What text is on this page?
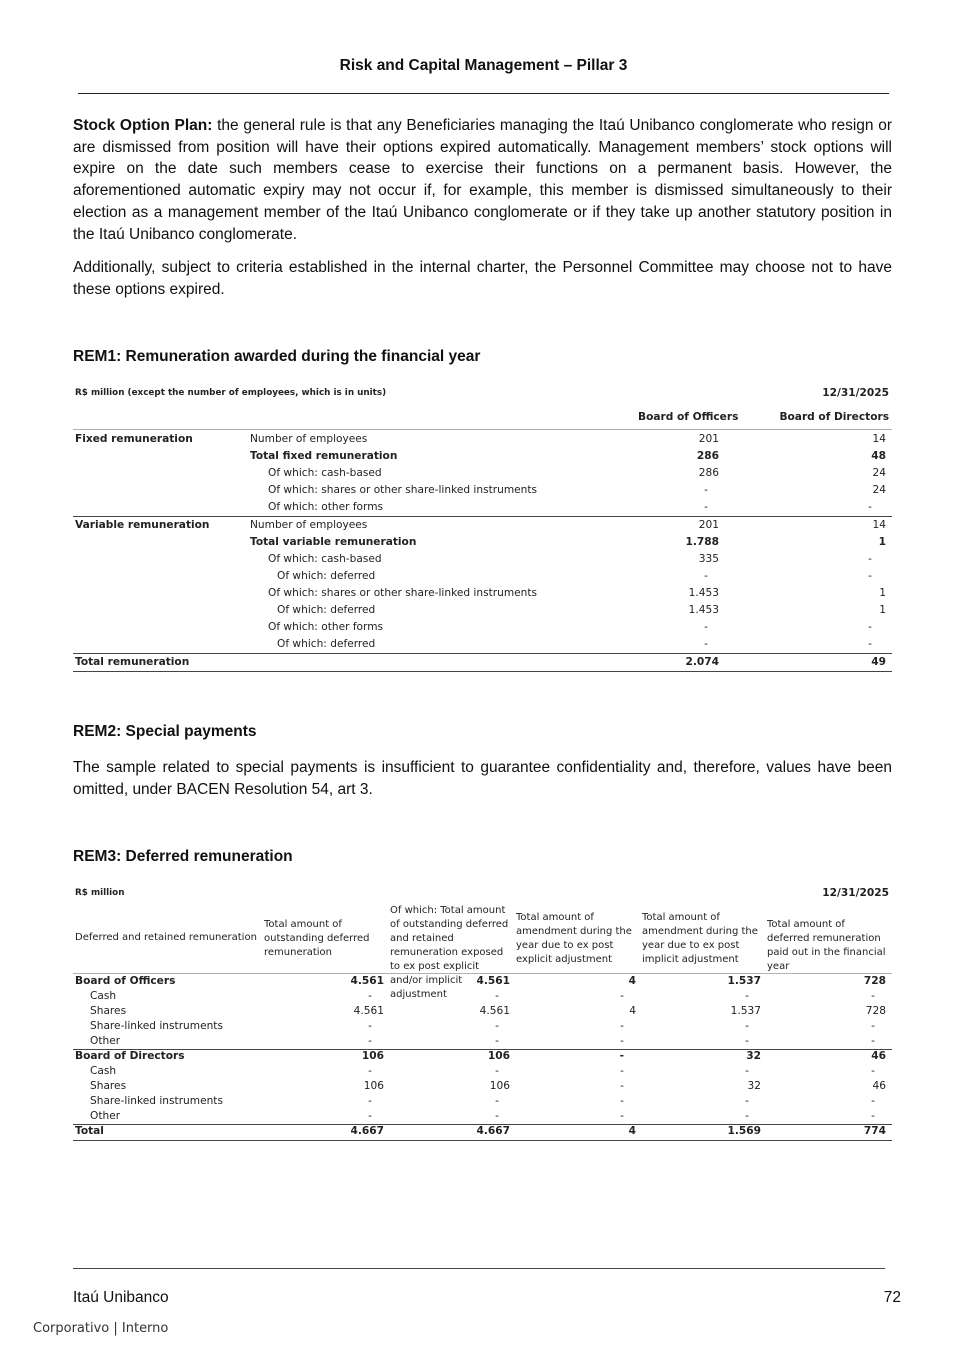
Risk and Capital Management – Pillar 3

Stock Option Plan: the general rule is that any Beneficiaries managing the Itaú Unibanco conglomerate who resign or are dismissed from position will have their options expired automatically. Management members’ stock options will expire on the date such members cease to exercise their functions on a permanent basis. However, the aforementioned automatic expiry may not occur if, for example, this member is dismissed simultaneously to their election as a management member of the Itaú Unibanco conglomerate or if they take up another statutory position in the Itaú Unibanco conglomerate.

Additionally, subject to criteria established in the internal charter, the Personnel Committee may choose not to have these options expired.

REM1: Remuneration awarded during the financial year
R$ million (except the number of employees, which is in units)	12/31/2025
Board of Officers	Board of Directors
Fixed remuneration	Number of employees	201	14
Total fixed remuneration	286	48
Of which: cash-based	286	24
Of which: shares or other share-linked instruments	-	24
Of which: other forms	-	-
Variable remuneration	Number of employees	201	14
Total variable remuneration	1.788	1
Of which: cash-based	335	-
Of which: deferred	-	-
Of which: shares or other share-linked instruments	1.453	1
Of which: deferred	1.453	1
Of which: other forms	-	-
Of which: deferred	-	-
Total remuneration	2.074	49
REM2: Special payments

The sample related to special payments is insufficient to guarantee confidentiality and, therefore, values have been omitted, under BACEN Resolution 54, art 3.

REM3: Deferred remuneration
R$ million	12/31/2025
Deferred and retained remuneration
Total amount of outstanding deferred remuneration
Of which: Total amount of outstanding deferred and retained remuneration exposed to ex post explicit and/or implicit adjustment
Total amount of amendment during the year due to ex post explicit adjustment
Total amount of amendment during the year due to ex post implicit adjustment
Total amount of deferred remuneration paid out in the financial year
Board of Officers	4.561	4.561	4	1.537	728
Cash	-	-	-	-	-
Shares	4.561	4.561	4	1.537	728
Share-linked instruments	-	-	-	-	-
Other	-	-	-	-	-
Board of Directors	106	106	-	32	46
Cash	-	-	-	-	-
Shares	106	106	-	32	46
Share-linked instruments	-	-	-	-	-
Other	-	-	-	-	-
Total	4.667	4.667	4	1.569	774
Itaú Unibanco	72
Corporativo | Interno
